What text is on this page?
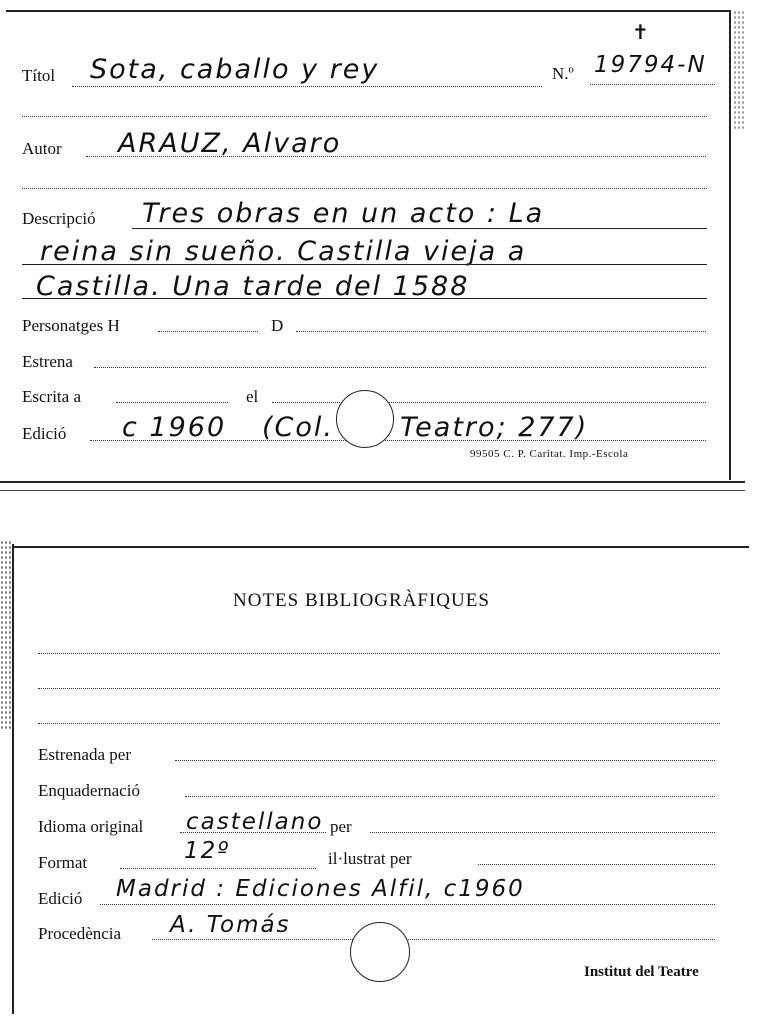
✝
Títol Sota, caballo y rey	N.º 19794-N
Autor ARAUZ, Alvaro
Descripció Tres obras en un acto : La
reina sin sueño. Castilla vieja a
Castilla. Una tarde del 1588
Personatges H	D
Estrena
Escrita a	el
Edició c 1960 (Col. Teatro; 277)
99505 C. P. Caritat. Imp.-Escola
NOTES BIBLIOGRÀFIQUES
Estrenada per
Enquadernació
Idioma original castellano per
Format	12º	il·lustrat per
Edició Madrid : Ediciones Alfil, c1960
Procedència A. Tomás
Institut del Teatre
